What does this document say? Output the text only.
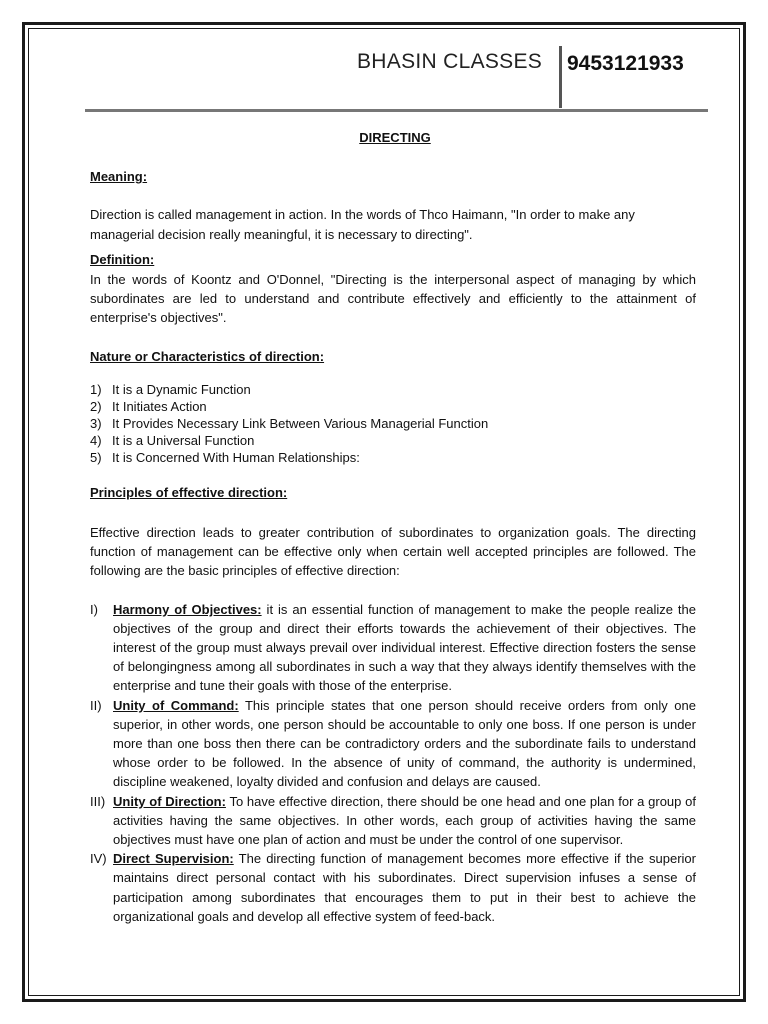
BHASIN CLASSES	9453121933

DIRECTING

Meaning:

Direction is called management in action. In the words of Thco Haimann, "In order to make any managerial decision really meaningful, it is necessary to directing".

Definition:

In the words of Koontz and O'Donnel, "Directing is the interpersonal aspect of managing by which subordinates are led to understand and contribute effectively and efficiently to the attainment of enterprise's objectives".

Nature or Characteristics of direction:

1) It is a Dynamic Function
2) It Initiates Action
3) It Provides Necessary Link Between Various Managerial Function
4) It is a Universal Function
5) It is Concerned With Human Relationships:

Principles of effective direction:

Effective direction leads to greater contribution of subordinates to organization goals. The directing function of management can be effective only when certain well accepted principles are followed. The following are the basic principles of effective direction:

I)	Harmony of Objectives: it is an essential function of management to make the people realize the objectives of the group and direct their efforts towards the achievement of their objectives. The interest of the group must always prevail over individual interest. Effective direction fosters the sense of belongingness among all subordinates in such a way that they always identify themselves with the enterprise and tune their goals with those of the enterprise.
II) Unity of Command: This principle states that one person should receive orders from only one superior, in other words, one person should be accountable to only one boss. If one person is under more than one boss then there can be contradictory orders and the subordinate fails to understand whose order to be followed. In the absence of unity of command, the authority is undermined, discipline weakened, loyalty divided and confusion and delays are caused.
III) Unity of Direction: To have effective direction, there should be one head and one plan for a group of activities having the same objectives. In other words, each group of activities having the same objectives must have one plan of action and must be under the control of one supervisor.
IV) Direct Supervision: The directing function of management becomes more effective if the superior maintains direct personal contact with his subordinates. Direct supervision infuses a sense of participation among subordinates that encourages them to put in their best to achieve the organizational goals and develop all effective system of feed-back.
